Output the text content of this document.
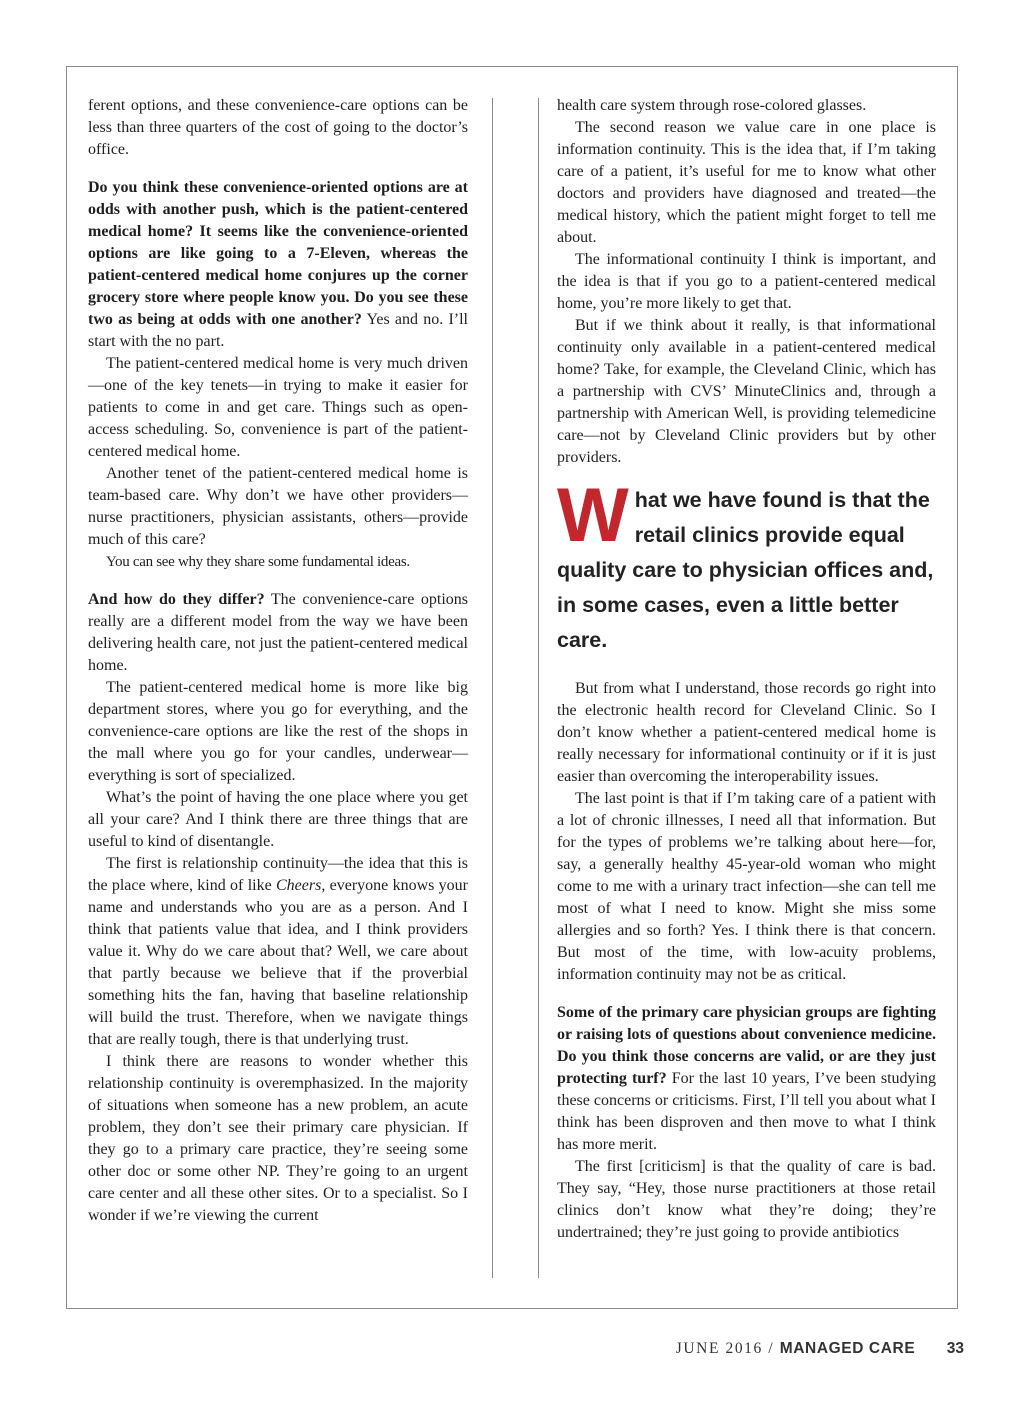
ferent options, and these convenience-care options can be less than three quarters of the cost of going to the doctor’s office.

Do you think these convenience-oriented options are at odds with another push, which is the patient-centered medical home? It seems like the convenience-oriented options are like going to a 7-Eleven, whereas the patient-centered medical home conjures up the corner grocery store where people know you. Do you see these two as being at odds with one another? Yes and no. I’ll start with the no part.

The patient-centered medical home is very much driven—one of the key tenets—in trying to make it easier for patients to come in and get care. Things such as open-access scheduling. So, convenience is part of the patient-centered medical home.

Another tenet of the patient-centered medical home is team-based care. Why don’t we have other providers—nurse practitioners, physician assistants, others—provide much of this care?

You can see why they share some fundamental ideas.

And how do they differ? The convenience-care options really are a different model from the way we have been delivering health care, not just the patient-centered medical home.

The patient-centered medical home is more like big department stores, where you go for everything, and the convenience-care options are like the rest of the shops in the mall where you go for your candles, underwear—everything is sort of specialized.

What’s the point of having the one place where you get all your care? And I think there are three things that are useful to kind of disentangle.

The first is relationship continuity—the idea that this is the place where, kind of like Cheers, everyone knows your name and understands who you are as a person. And I think that patients value that idea, and I think providers value it. Why do we care about that? Well, we care about that partly because we believe that if the proverbial something hits the fan, having that baseline relationship will build the trust. Therefore, when we navigate things that are really tough, there is that underlying trust.

I think there are reasons to wonder whether this relationship continuity is overemphasized. In the majority of situations when someone has a new problem, an acute problem, they don’t see their primary care physician. If they go to a primary care practice, they’re seeing some other doc or some other NP. They’re going to an urgent care center and all these other sites. Or to a specialist. So I wonder if we’re viewing the current

health care system through rose-colored glasses.

The second reason we value care in one place is information continuity. This is the idea that, if I’m taking care of a patient, it’s useful for me to know what other doctors and providers have diagnosed and treated—the medical history, which the patient might forget to tell me about.

The informational continuity I think is important, and the idea is that if you go to a patient-centered medical home, you’re more likely to get that.

But if we think about it really, is that informational continuity only available in a patient-centered medical home? Take, for example, the Cleveland Clinic, which has a partnership with CVS’ MinuteClinics and, through a partnership with American Well, is providing telemedicine care—not by Cleveland Clinic providers but by other providers.

What we have found is that the retail clinics provide equal quality care to physician offices and, in some cases, even a little better care.

But from what I understand, those records go right into the electronic health record for Cleveland Clinic. So I don’t know whether a patient-centered medical home is really necessary for informational continuity or if it is just easier than overcoming the interoperability issues.

The last point is that if I’m taking care of a patient with a lot of chronic illnesses, I need all that information. But for the types of problems we’re talking about here—for, say, a generally healthy 45-year-old woman who might come to me with a urinary tract infection—she can tell me most of what I need to know. Might she miss some allergies and so forth? Yes. I think there is that concern. But most of the time, with low-acuity problems, information continuity may not be as critical.

Some of the primary care physician groups are fighting or raising lots of questions about convenience medicine. Do you think those concerns are valid, or are they just protecting turf? For the last 10 years, I’ve been studying these concerns or criticisms. First, I’ll tell you about what I think has been disproven and then move to what I think has more merit.

The first [criticism] is that the quality of care is bad. They say, “Hey, those nurse practitioners at those retail clinics don’t know what they’re doing; they’re undertrained; they’re just going to provide antibiotics

JUNE 2016 / MANAGED CARE 33
